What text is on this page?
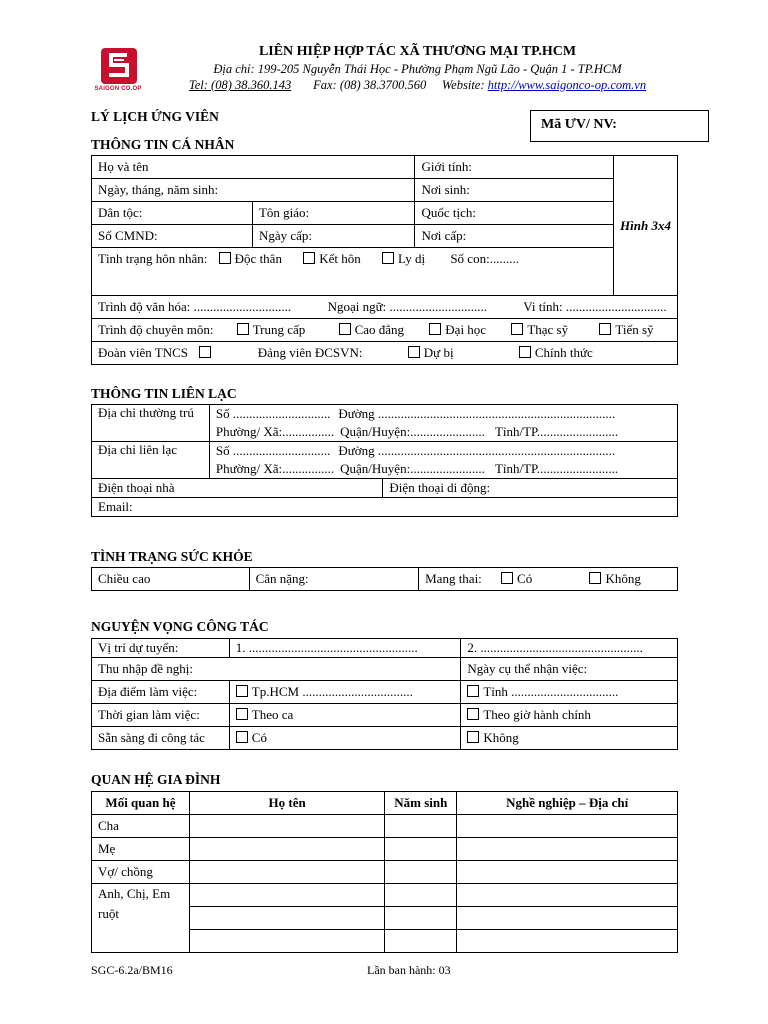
SAIGON CO.OP
LIÊN HIỆP HỢP TÁC XÃ THƯƠNG MẠI TP.HCM
Địa chỉ: 199-205 Nguyễn Thái Học - Phường Phạm Ngũ Lão - Quận 1 - TP.HCM
Tel: (08) 38.360.143 Fax: (08) 38.3700.560 Website: http://www.saigonco-op.com.vn
LÝ LỊCH ỨNG VIÊN
Mã ƯV/ NV:
THÔNG TIN CÁ NHÂN
Họ và tên		Giới tính:	Hình 3x4
Ngày, tháng, năm sinh:		Nơi sinh:	
Dân tộc:	Tôn giáo:	Quốc tịch:	
Số CMND:	Ngày cấp:	Nơi cấp:	
Tình trạng hôn nhân: Độc thân Kết hôn Ly dị Số con:.........			
Trình độ văn hóa: .............................. Ngoại ngữ: .............................. Vi tính: ...............................			
Trình độ chuyên môn: Trung cấp Cao đẳng Đại học Thạc sỹ Tiến sỹ			
Đoàn viên TNCS Đảng viên ĐCSVN: Dự bị Chính thức			
THÔNG TIN LIÊN LẠC
Địa chỉ thường trú	Số .............................. Đường .........................................................................	
	Phường/ Xã:................ Quận/Huyện:....................... Tỉnh/TP.........................	
Địa chỉ liên lạc	Số .............................. Đường .........................................................................	
	Phường/ Xã:................ Quận/Huyện:....................... Tỉnh/TP.........................	
Điện thoại nhà		Điện thoại di động:
Email:		
TÌNH TRẠNG SỨC KHỎE
Chiều cao	Cân nặng:	Mang thai:	Có	Không
NGUYỆN VỌNG CÔNG TÁC
Vị trí dự tuyển:	1. ....................................................	2. ..................................................
Thu nhập đề nghị:		Ngày cụ thể nhận việc:
Địa điểm làm việc:	Tp.HCM ..................................	Tỉnh .................................
Thời gian làm việc:	Theo ca	Theo giờ hành chính
Sẵn sàng đi công tác	Có	Không
QUAN HỆ GIA ĐÌNH
Mối quan hệ	Họ tên	Năm sinh	Nghề nghiệp – Địa chỉ
Cha			
Mẹ			
Vợ/ chồng			
Anh, Chị, Em ruột			

SGC-6.2a/BM16	Lần ban hành: 03
